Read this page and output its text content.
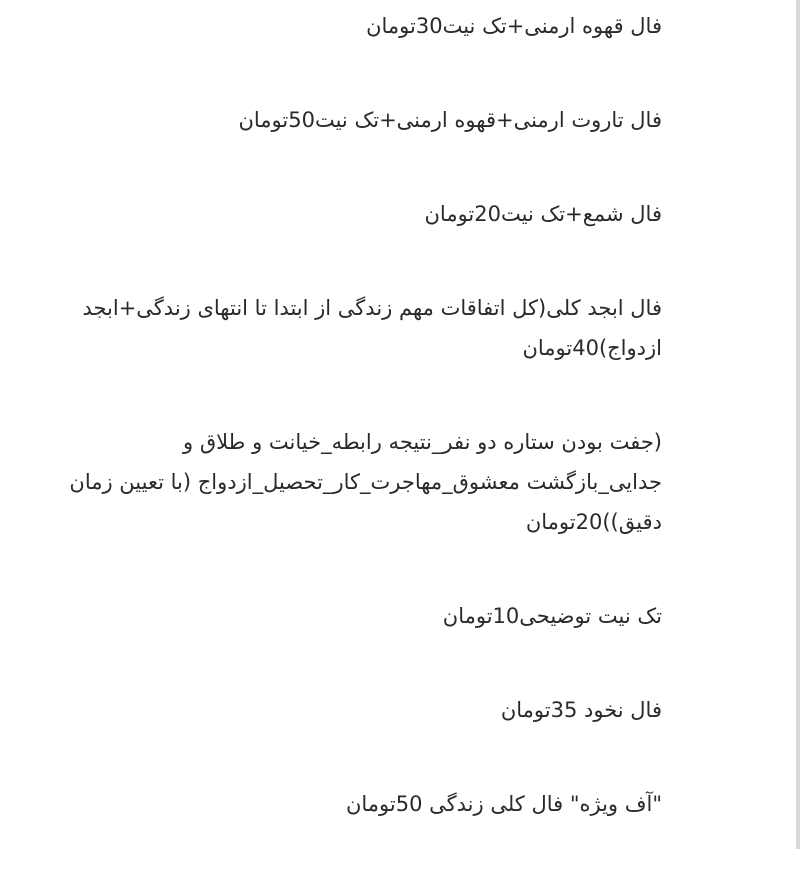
فال قهوه ارمنی+تک نیت30تومان

فال تاروت ارمنی+قهوه ارمنی+تک نیت50تومان

فال شمع+تک نیت20تومان

فال ابجد کلی(کل اتفاقات مهم زندگی از ابتدا تا انتهای زندگی+ابجد ازدواج)40تومان

(جفت بودن ستاره دو نفر_نتیجه رابطه_خیانت و طلاق و جدایی_بازگشت معشوق_مهاجرت_کار_تحصیل_ازدواج (با تعیین زمان دقیق))20تومان

تک نیت توضیحی10تومان

فال نخود 35تومان

"آف ویژه" فال کلی زندگی 50تومان
